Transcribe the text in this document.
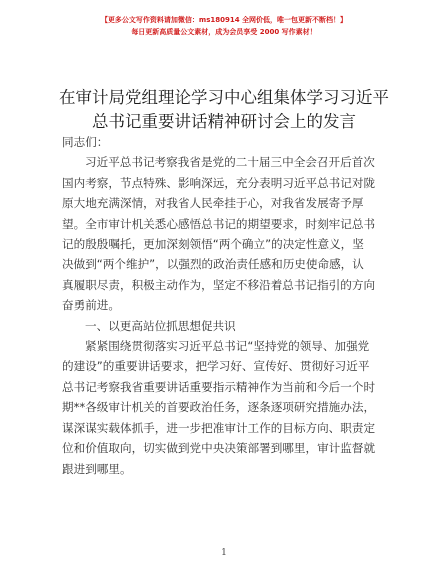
【更多公文写作资料请加微信：ms180914 全网价低，唯一包更新不断档！】
每日更新高质量公文素材，成为会员享受 2000 写作素材！
在审计局党组理论学习中心组集体学习习近平
总书记重要讲话精神研讨会上的发言
同志们：
习近平总书记考察我省是党的二十届三中全会召开后首次
国内考察，节点特殊、影响深远，充分表明习近平总书记对陇
原大地充满深情，对我省人民牵挂于心，对我省发展寄予厚
望。全市审计机关悉心感悟总书记的期望要求，时刻牢记总书
记的殷殷嘱托，更加深刻领悟“两个确立”的决定性意义，坚
决做到“两个维护”，以强烈的政治责任感和历史使命感，认
真履职尽责，积极主动作为，坚定不移沿着总书记指引的方向
奋勇前进。
一、以更高站位抓思想促共识
紧紧围绕贯彻落实习近平总书记“坚持党的领导、加强党
的建设”的重要讲话要求，把学习好、宣传好、贯彻好习近平
总书记考察我省重要讲话重要指示精神作为当前和今后一个时
期**各级审计机关的首要政治任务，逐条逐项研究措施办法，
谋深谋实载体抓手，进一步把准审计工作的目标方向、职责定
位和价值取向，切实做到党中央决策部署到哪里，审计监督就
跟进到哪里。
1
